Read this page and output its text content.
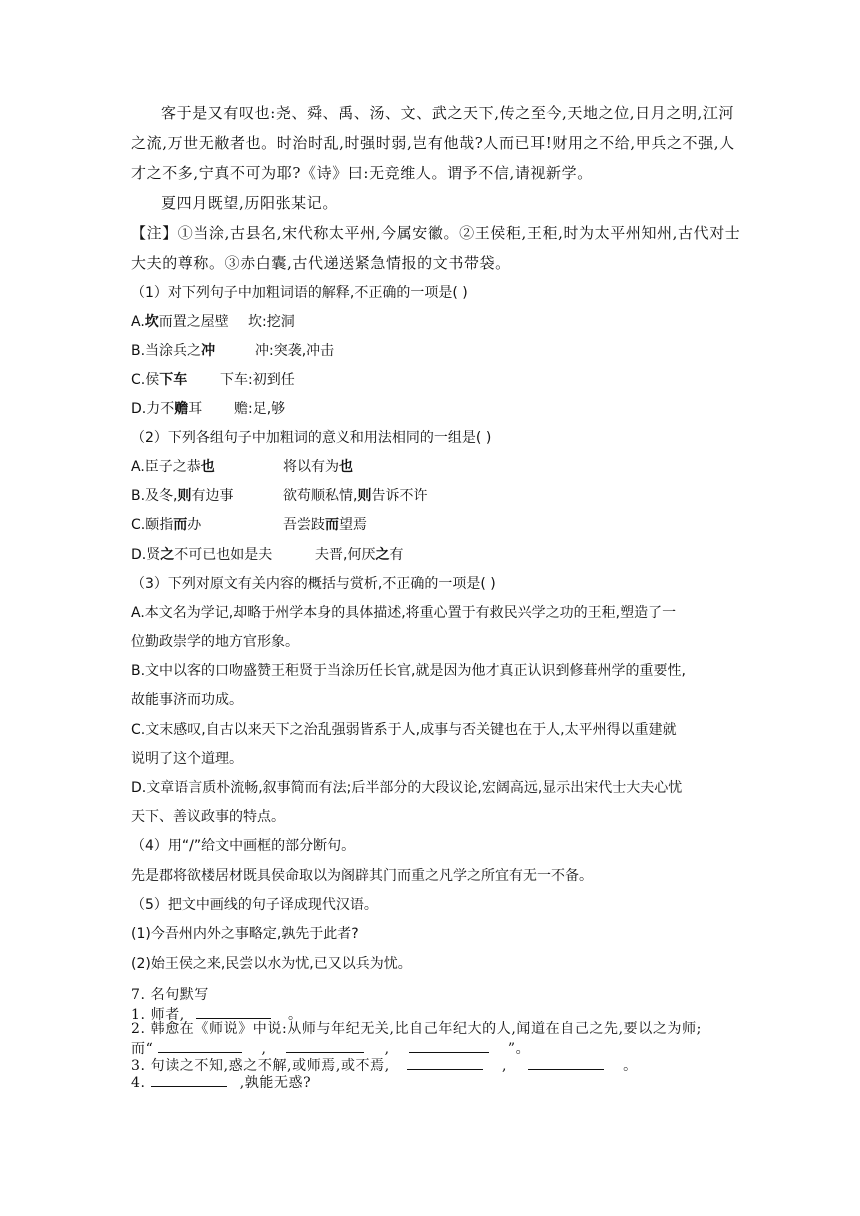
客于是又有叹也:尧、舜、禹、汤、文、武之天下,传之至今,天地之位,日月之明,江河
之流,万世无敝者也。时治时乱,时强时弱,岂有他哉?人而已耳!财用之不给,甲兵之不强,人
才之不多,宁真不可为耶?《诗》曰:无竞维人。谓予不信,请视新学。
夏四月既望,历阳张某记。
【注】①当涂,古县名,宋代称太平州,今属安徽。②王侯秬,王秬,时为太平州知州,古代对士
大夫的尊称。③赤白囊,古代递送紧急情报的文书带袋。
（1）对下列句子中加粗词语的解释,不正确的一项是( )
A.坎而置之屋壁 坎:挖洞
B.当涂兵之冲	冲:突袭,冲击
C.侯下车 下车:初到任
D.力不赡耳 赡:足,够
（2）下列各组句子中加粗词的意义和用法相同的一组是( )
A.臣子之恭也	将以有为也
B.及冬,则有边事	欲苟顺私情,则告诉不许
C.颐指而办	吾尝跂而望焉
D.贤之不可已也如是夫	夫晋,何厌之有
（3）下列对原文有关内容的概括与赏析,不正确的一项是( )
A.本文名为学记,却略于州学本身的具体描述,将重心置于有救民兴学之功的王秬,塑造了一
位勤政崇学的地方官形象。
B.文中以客的口吻盛赞王秬贤于当涂历任长官,就是因为他才真正认识到修葺州学的重要性,
故能事济而功成。
C.文末感叹,自古以来天下之治乱强弱皆系于人,成事与否关键也在于人,太平州得以重建就
说明了这个道理。
D.文章语言质朴流畅,叙事简而有法;后半部分的大段议论,宏阔高远,显示出宋代士大夫心忧
天下、善议政事的特点。
（4）用“/”给文中画框的部分断句。
先是郡将欲楼居材既具侯命取以为阁辟其门而重之凡学之所宜有无一不备。
（5）把文中画线的句子译成现代汉语。
(1)今吾州内外之事略定,孰先于此者?
(2)始王侯之来,民尝以水为忧,已又以兵为忧。
7. 名句默写
1. 师者,	。
2. 韩愈在《师说》中说:从师与年纪无关,比自己年纪大的人,闻道在自己之先,要以之为师;
而“	,	,	”。
3. 句读之不知,惑之不解,或师焉,或不焉,	,	。
4.	,孰能无惑?
